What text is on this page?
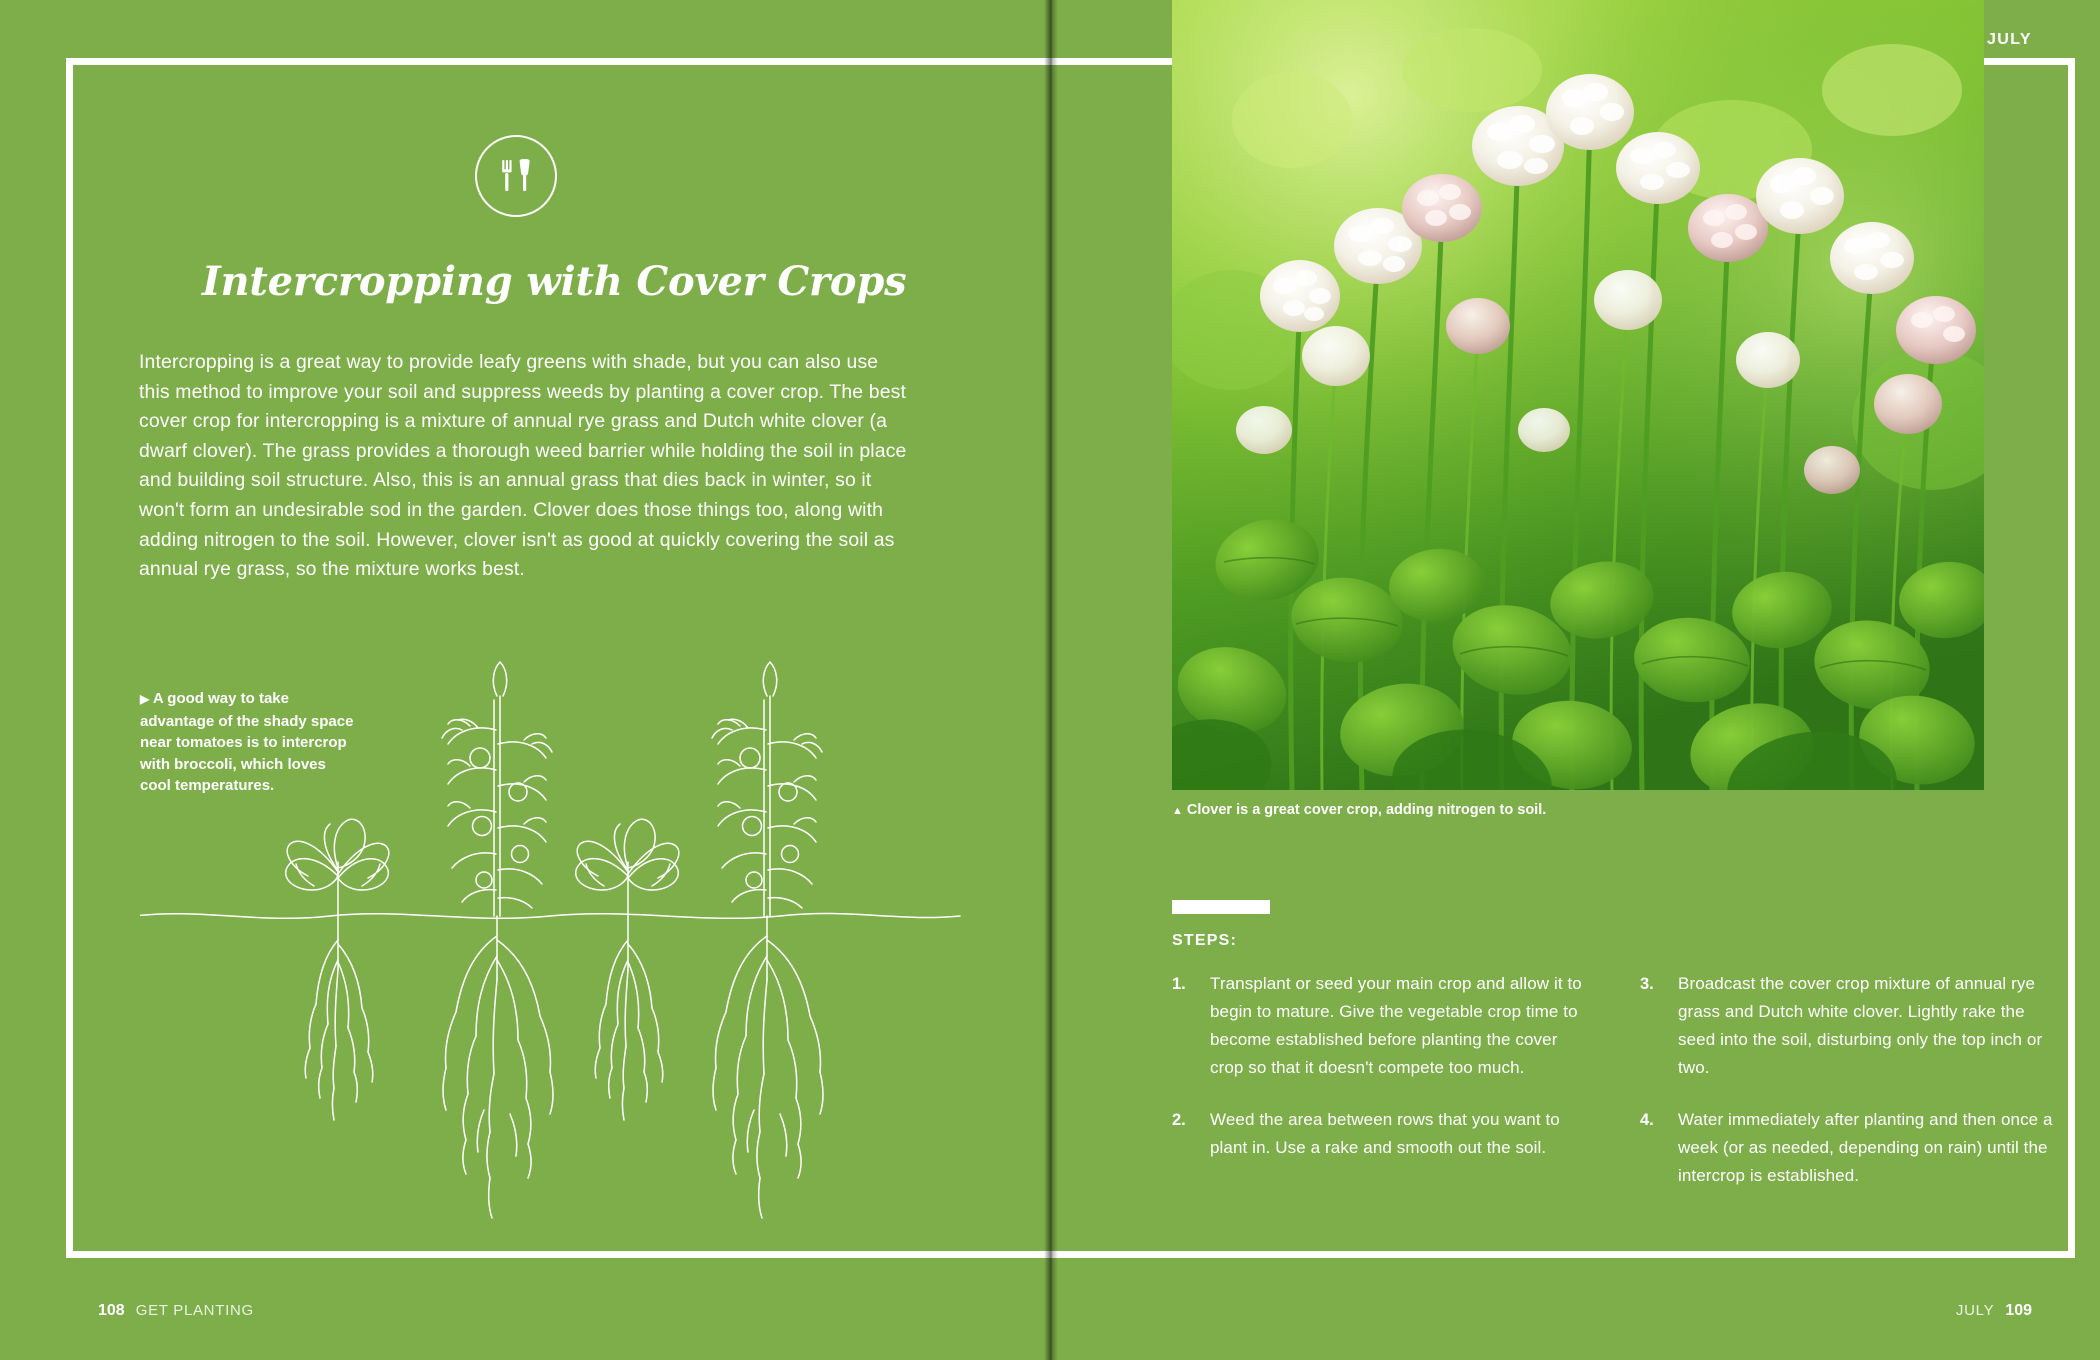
Intercropping with Cover Crops
Intercropping is a great way to provide leafy greens with shade, but you can also use this method to improve your soil and suppress weeds by planting a cover crop. The best cover crop for intercropping is a mixture of annual rye grass and Dutch white clover (a dwarf clover). The grass provides a thorough weed barrier while holding the soil in place and building soil structure. Also, this is an annual grass that dies back in winter, so it won't form an undesirable sod in the garden. Clover does those things too, along with adding nitrogen to the soil. However, clover isn't as good at quickly covering the soil as annual rye grass, so the mixture works best.
▶ A good way to take advantage of the shady space near tomatoes is to intercrop with broccoli, which loves cool temperatures.
108 GET PLANTING
JULY
▲ Clover is a great cover crop, adding nitrogen to soil.
STEPS:
1.	Transplant or seed your main crop and allow it to begin to mature. Give the vegetable crop time to become established before planting the cover crop so that it doesn't compete too much.
2.	Weed the area between rows that you want to plant in. Use a rake and smooth out the soil.
3.	Broadcast the cover crop mixture of annual rye grass and Dutch white clover. Lightly rake the seed into the soil, disturbing only the top inch or two.
4.	Water immediately after planting and then once a week (or as needed, depending on rain) until the intercrop is established.
JULY 109
